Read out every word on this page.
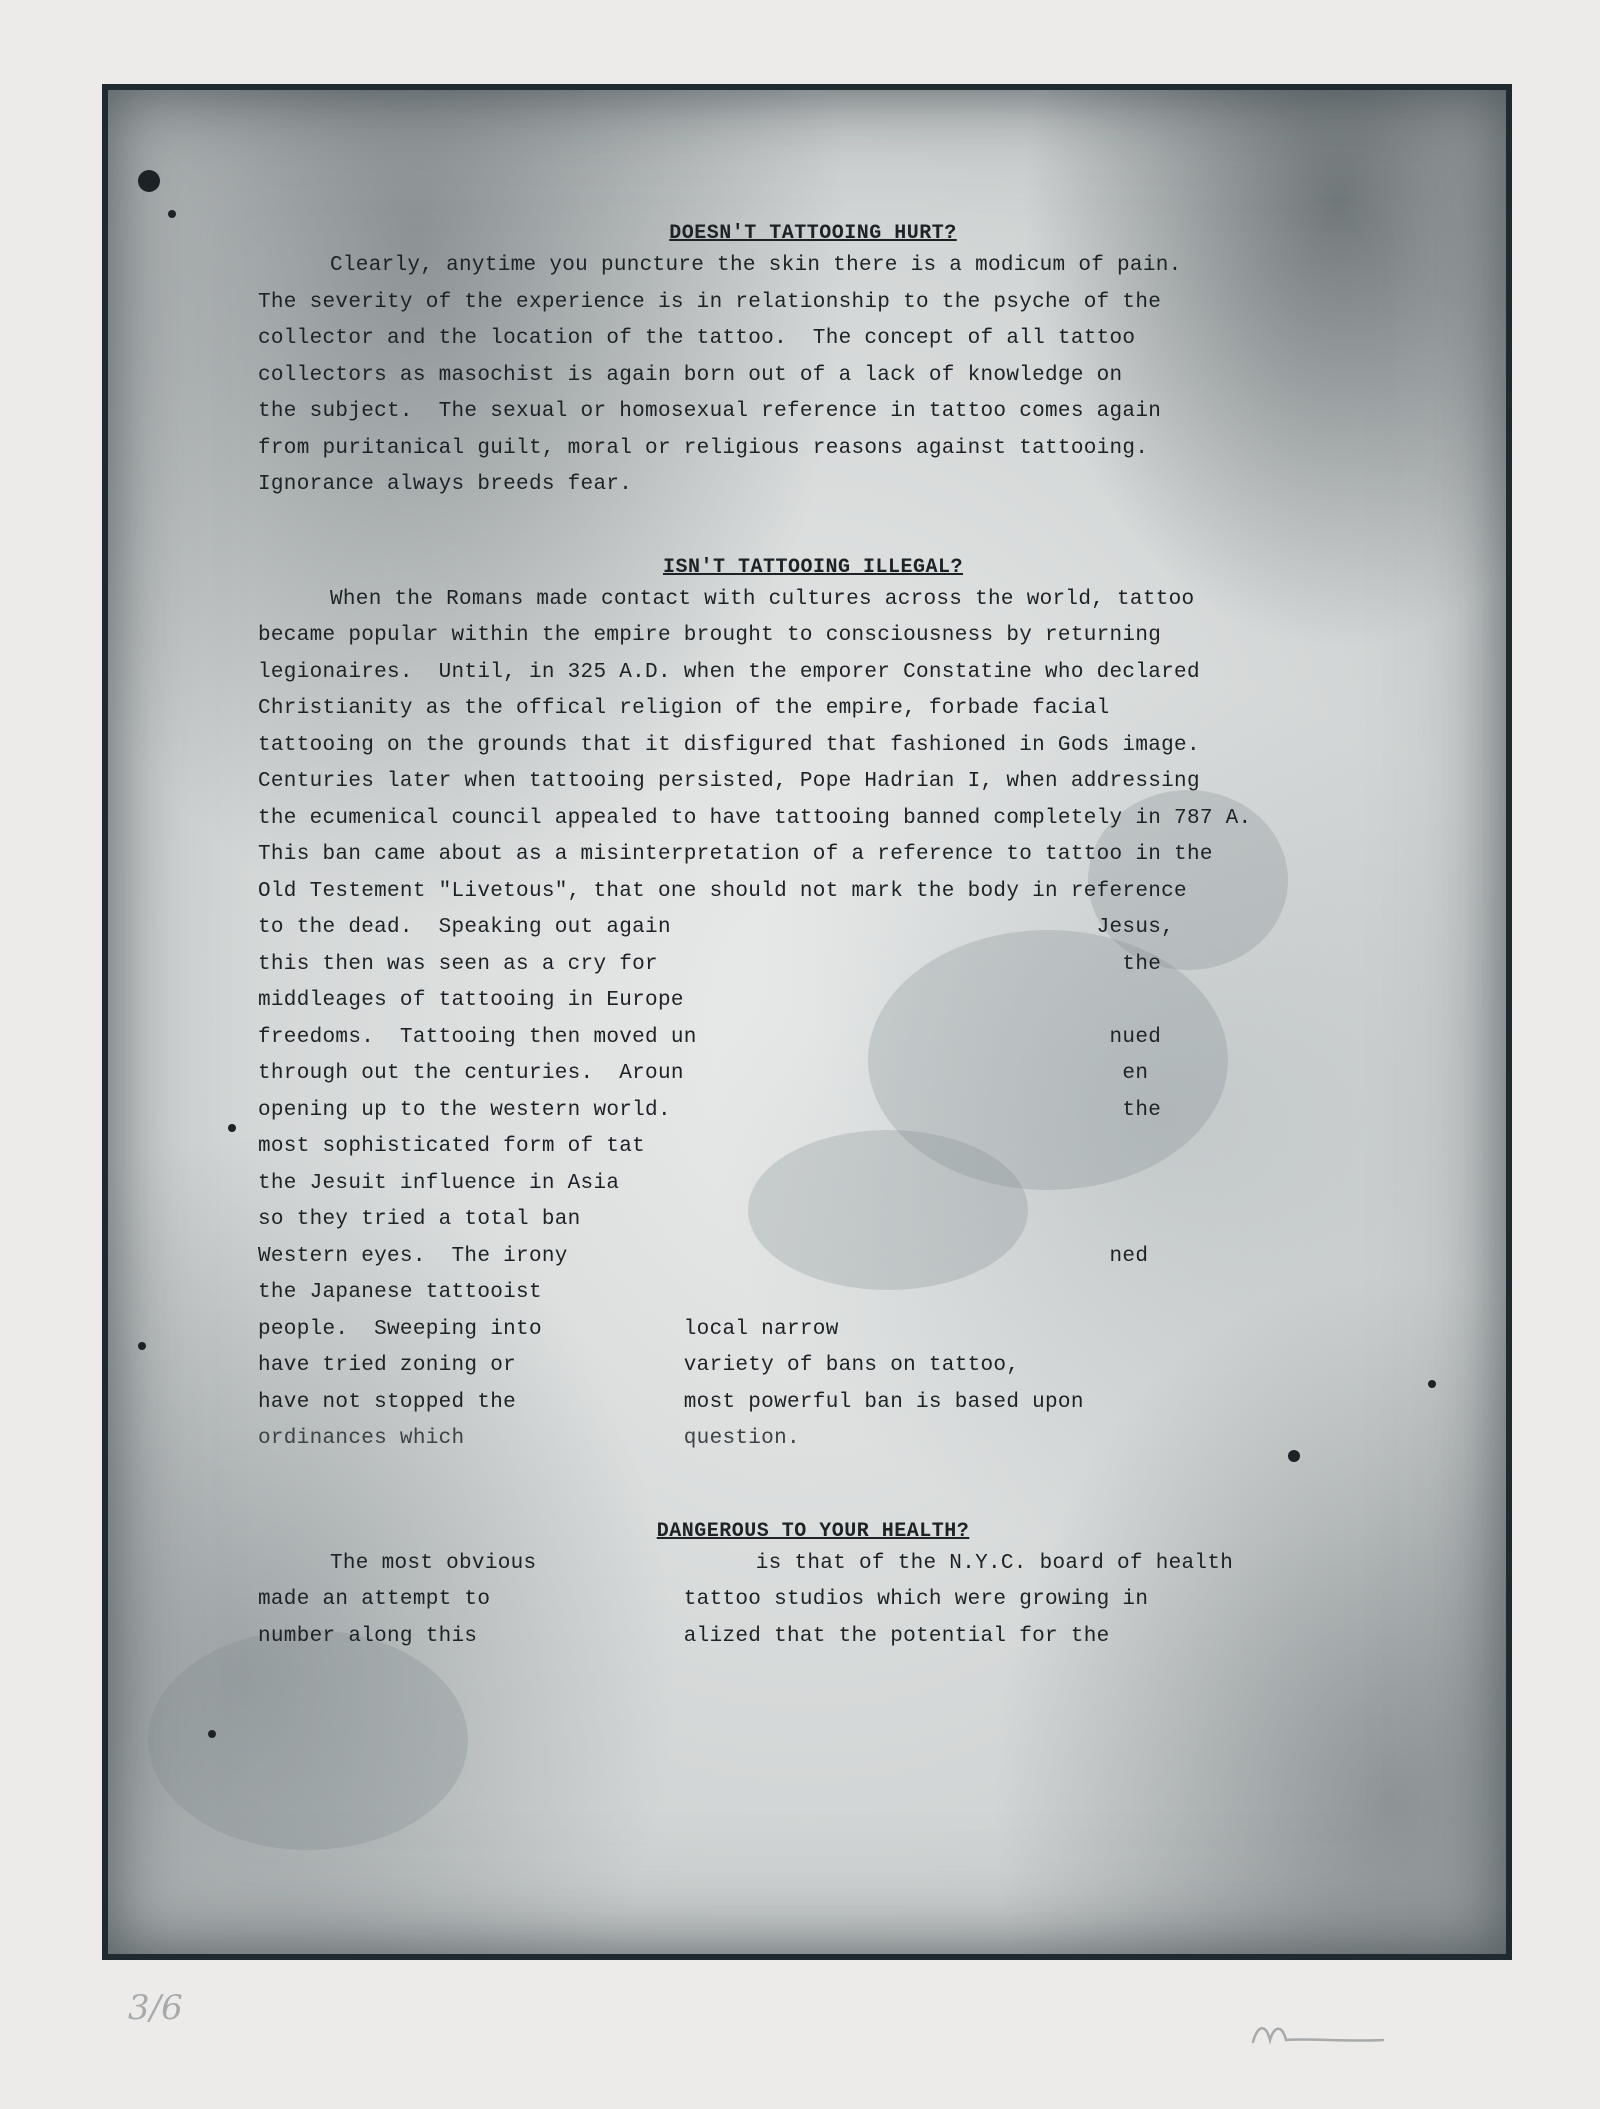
DOESN'T TATTOOING HURT?
Clearly, anytime you puncture the skin there is a modicum of pain.
The severity of the experience is in relationship to the psyche of the
collector and the location of the tattoo.  The concept of all tattoo
collectors as masochist is again born out of a lack of knowledge on
the subject.  The sexual or homosexual reference in tattoo comes again
from puritanical guilt, moral or religious reasons against tattooing.
Ignorance always breeds fear.
ISN'T TATTOOING ILLEGAL?
When the Romans made contact with cultures across the world, tattoo
became popular within the empire brought to consciousness by returning
legionaires.  Until, in 325 A.D. when the emporer Constatine who declared
Christianity as the offical religion of the empire, forbade facial
tattooing on the grounds that it disfigured that fashioned in Gods image.
Centuries later when tattooing persisted, Pope Hadrian I, when addressing
the ecumenical council appealed to have tattooing banned completely in 787 A.
This ban came about as a misinterpretation of a reference to tattoo in the
Old Testement "Livetous", that one should not mark the body in reference
to the dead.  Speaking out again                                 Jesus,
this then was seen as a cry for                                    the
middleages of tattooing in Europe
freedoms.  Tattooing then moved un                                nued
through out the centuries.  Aroun                                  en
opening up to the western world.                                   the
most sophisticated form of tat
the Jesuit influence in Asia
so they tried a total ban
Western eyes.  The irony                                          ned
the Japanese tattooist
people.  Sweeping into           local narrow
have tried zoning or             variety of bans on tattoo,
have not stopped the             most powerful ban is based upon
ordinances which                 question.
DANGEROUS TO YOUR HEALTH?
The most obvious                 is that of the N.Y.C. board of health
made an attempt to               tattoo studios which were growing in
number along this                alized that the potential for the
3/6
